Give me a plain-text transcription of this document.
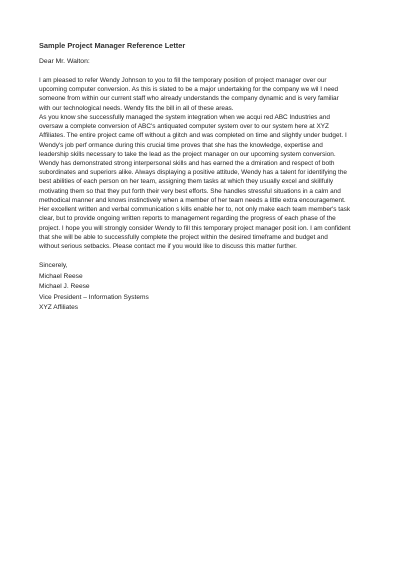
Sample Project Manager Reference Letter
Dear Mr. Walton:
I am pleased to refer Wendy Johnson to you to fill the temporary position of project manager over our
upcoming computer conversion. As this is slated to be a major undertaking for the company we wil I need
someone from within our current staff who already understands the company dynamic and is very familiar
with our technological needs. Wendy fits the bill in all of these areas.
As you know she successfully managed the system integration when we acqui red ABC Industries and
oversaw a complete conversion of ABC's antiquated computer system over to our system here at XYZ
Affiliates. The entire project came off without a glitch and was completed on time and slightly under budget. I
Wendy's job perf ormance during this crucial time proves that she has the knowledge, expertise and
leadership skills necessary to take the lead as the project manager on our upcoming system conversion.
Wendy has demonstrated strong interpersonal skills and has earned the a dmiration and respect of both
subordinates and superiors alike. Always displaying a positive attitude, Wendy has a talent for identifying the
best abilities of each person on her team, assigning them tasks at which they usually excel and skillfully
motivating them so that they put forth their very best efforts. She handles stressful situations in a calm and
methodical manner and knows instinctively when a member of her team needs a little extra encouragement.
Her excellent written and verbal communication s kills enable her to, not only make each team member's task
clear, but to provide ongoing written reports to management regarding the progress of each phase of the
project. I hope you will strongly consider Wendy to fill this temporary project manager posit ion. I am confident
that she will be able to successfully complete the project within the desired timeframe and budget and
without serious setbacks. Please contact me if you would like to discuss this matter further.
Sincerely,
Michael Reese
Michael J. Reese
Vice President – Information Systems
XYZ Affiliates
